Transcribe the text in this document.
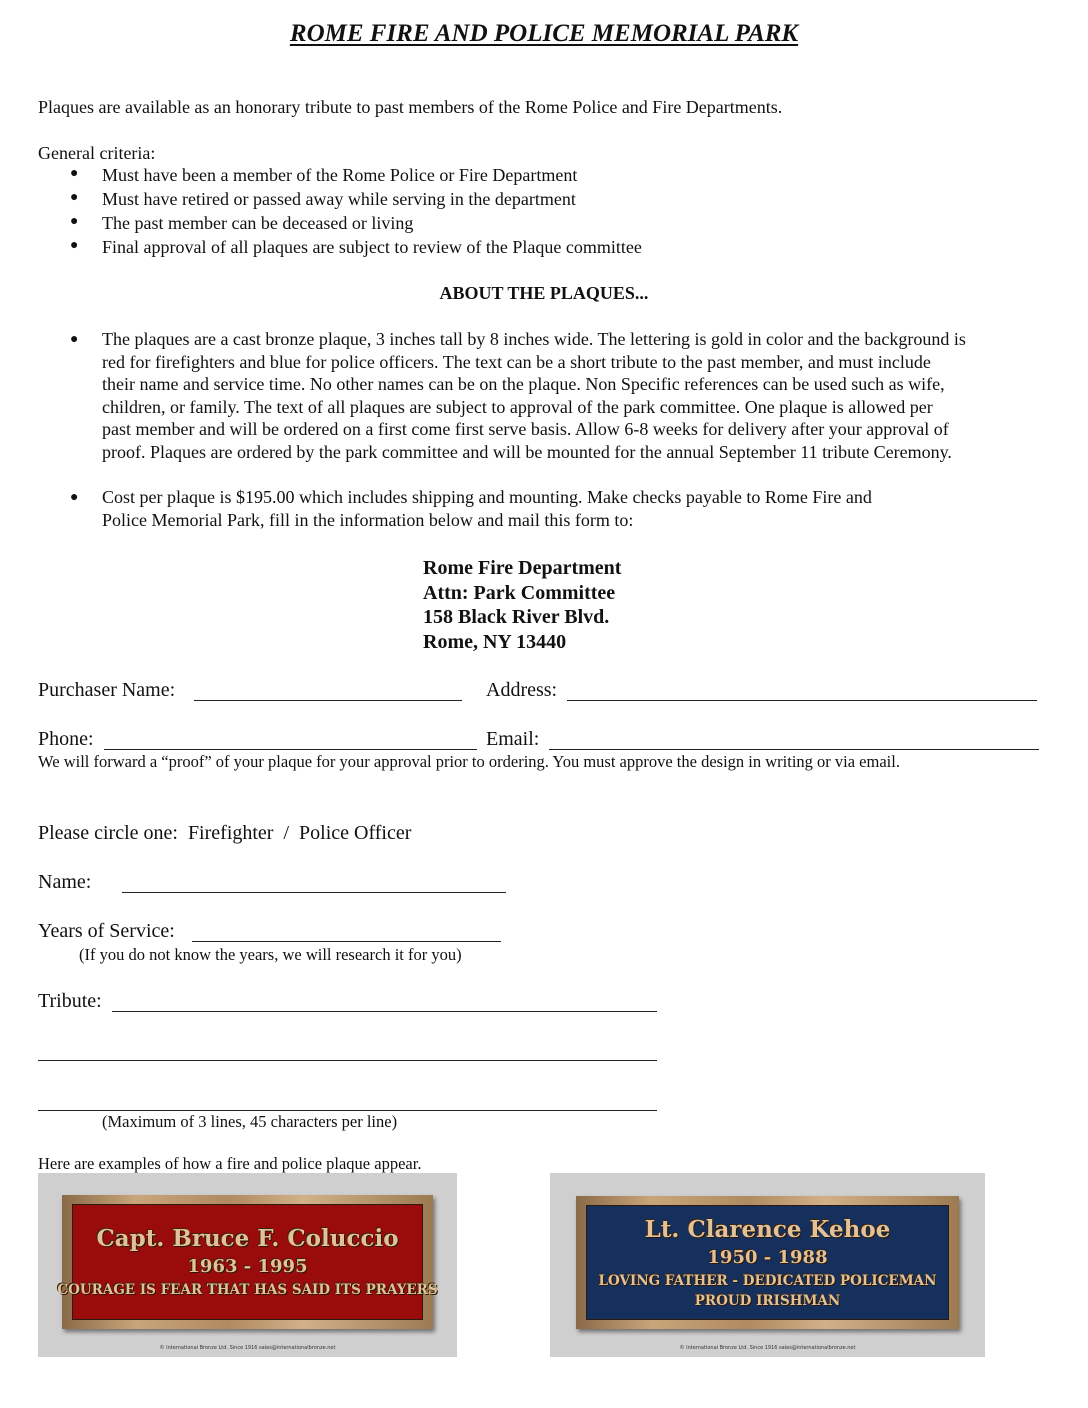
ROME FIRE AND POLICE MEMORIAL PARK
Plaques are available as an honorary tribute to past members of the Rome Police and Fire Departments.
General criteria:
● Must have been a member of the Rome Police or Fire Department
● Must have retired or passed away while serving in the department
● The past member can be deceased or living
● Final approval of all plaques are subject to review of the Plaque committee
ABOUT THE PLAQUES...
● The plaques are a cast bronze plaque, 3 inches tall by 8 inches wide. The lettering is gold in color and the background is
red for firefighters and blue for police officers. The text can be a short tribute to the past member, and must include
their name and service time. No other names can be on the plaque. Non Specific references can be used such as wife,
children, or family. The text of all plaques are subject to approval of the park committee. One plaque is allowed per
past member and will be ordered on a first come first serve basis. Allow 6-8 weeks for delivery after your approval of
proof. Plaques are ordered by the park committee and will be mounted for the annual September 11 tribute Ceremony.
● Cost per plaque is $195.00 which includes shipping and mounting. Make checks payable to Rome Fire and
Police Memorial Park, fill in the information below and mail this form to:
Rome Fire Department
Attn: Park Committee
158 Black River Blvd.
Rome, NY 13440
Purchaser Name:	Address:
Phone:	Email:
We will forward a “proof” of your plaque for your approval prior to ordering. You must approve the design in writing or via email.
Please circle one: Firefighter / Police Officer
Name:
Years of Service:
(If you do not know the years, we will research it for you)
Tribute:
(Maximum of 3 lines, 45 characters per line)
Here are examples of how a fire and police plaque appear.
Capt. Bruce F. Coluccio
1963 - 1995
COURAGE IS FEAR THAT HAS SAID ITS PRAYERS
© International Bronze Ltd. Since 1916 sales@internationalbronze.net
Lt. Clarence Kehoe
1950 - 1988
LOVING FATHER - DEDICATED POLICEMAN
PROUD IRISHMAN
© International Bronze Ltd. Since 1916 sales@internationalbronze.net
